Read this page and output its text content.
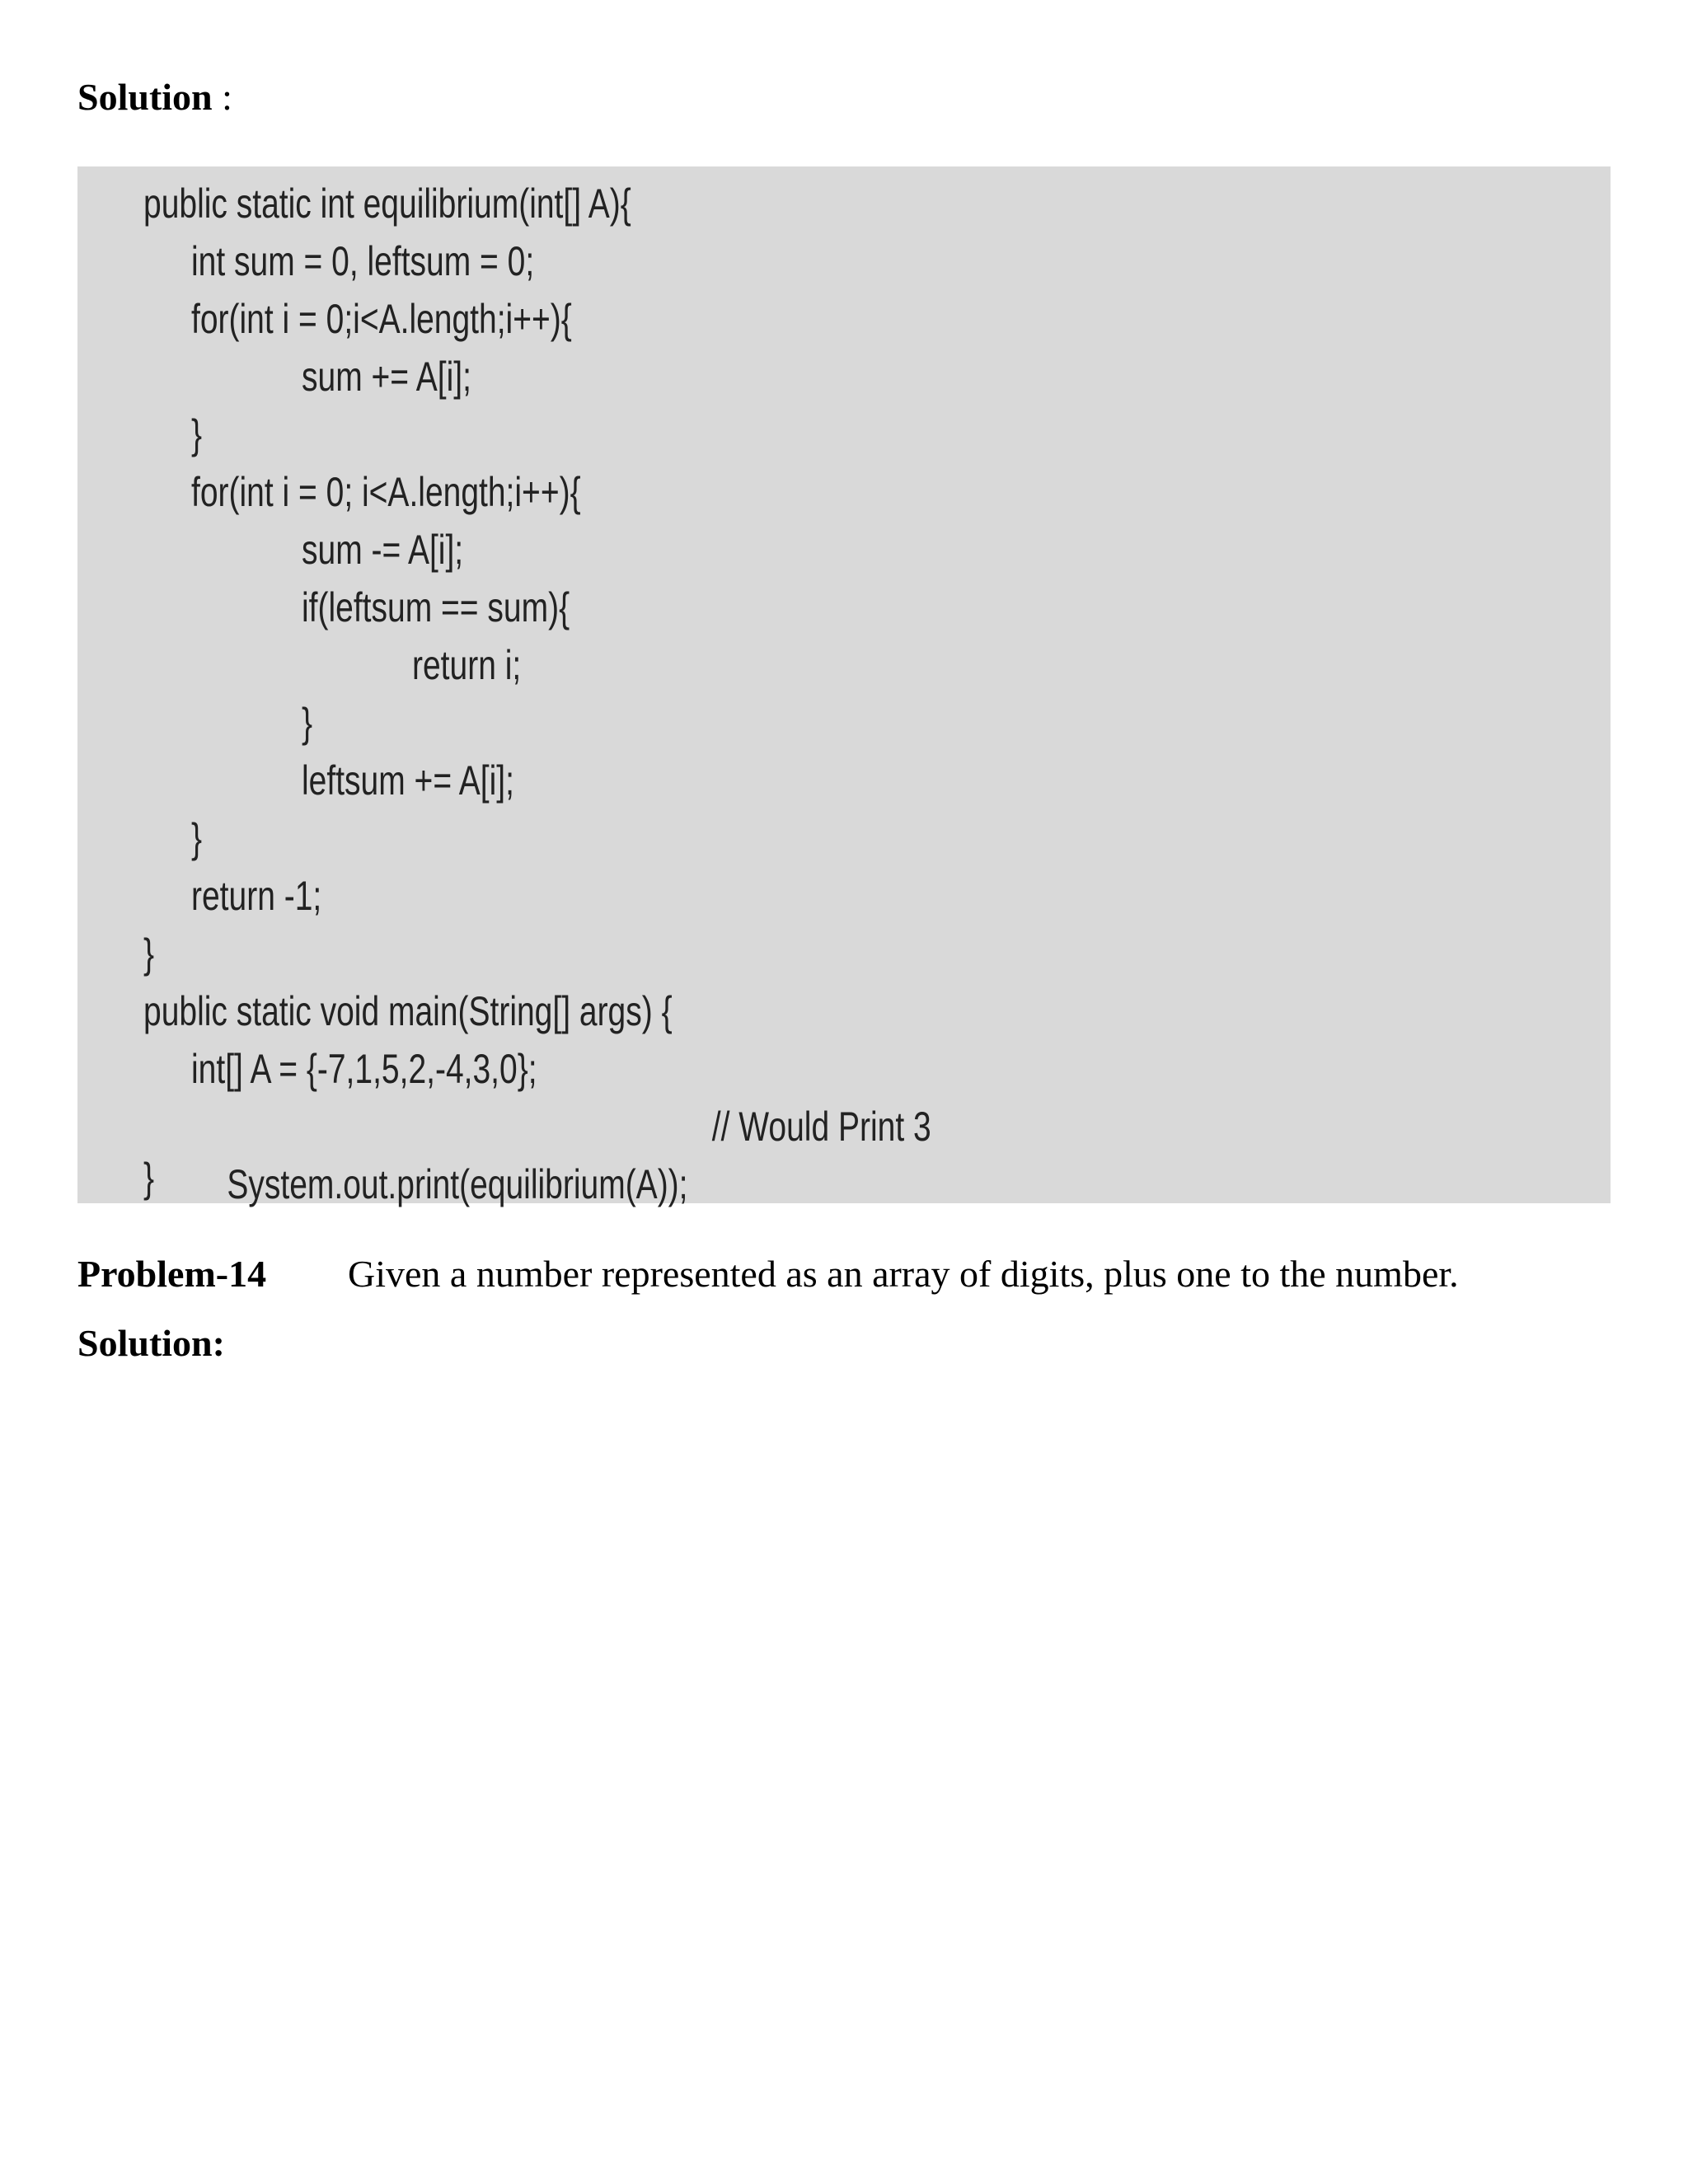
Solution :
public static int equilibrium(int[] A){
int sum = 0, leftsum = 0;
for(int i = 0;i<A.length;i++){
sum += A[i];
}
for(int i = 0; i<A.length;i++){
sum -= A[i];
if(leftsum == sum){
return i;
}
leftsum += A[i];
}
return -1;
}
public static void main(String[] args) {
int[] A = {-7,1,5,2,-4,3,0};

System.out.print(equilibrium(A));

// Would Print 3

}
Problem-14 Given a number represented as an array of digits, plus one to the number.
Solution:
